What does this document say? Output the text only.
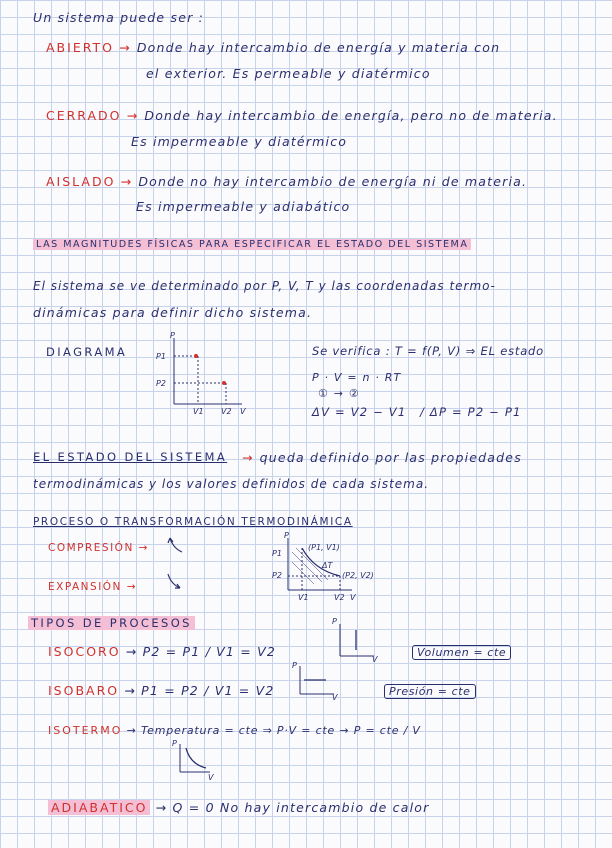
Un sistema puede ser :
ABIERTO → Donde hay intercambio de energía y materia con
el exterior. Es permeable y diatérmico
CERRADO → Donde hay intercambio de energía, pero no de materia.
Es impermeable y diatérmico
AISLADO → Donde no hay intercambio de energía ni de materia.
Es impermeable y adiabático
LAS MAGNITUDES FÍSICAS PARA ESPECIFICAR EL ESTADO DEL SISTEMA
El sistema se ve determinado por P, V, T y las coordenadas termo-
dinámicas para definir dicho sistema.
DIAGRAMA
P
V
P1
P2
V1 V2
Se verifica : T = f(P, V) ⇒ EL estado
P · V = n · RT
① → ②
ΔV = V2 − V1 / ΔP = P2 − P1
EL ESTADO DEL SISTEMA → queda definido por las propiedades
termodinámicas y los valores definidos de cada sistema.
PROCESO O TRANSFORMACIÓN TERMODINÁMICA
COMPRESIÓN →
EXPANSIÓN →
P
V
(P1, V1)
(P2, V2)
ΔT
P1
P2
V1	V2
TIPOS DE PROCESOS
ISOCORO → P2 = P1 / V1 = V2
P
V
Volumen = cte
ISOBARO → P1 = P2 / V1 = V2
P
V	Presión = cte
ISOTERMO → Temperatura = cte ⇒ P·V = cte → P = cte / V
P
V
ADIABATICO → Q = 0 No hay intercambio de calor
